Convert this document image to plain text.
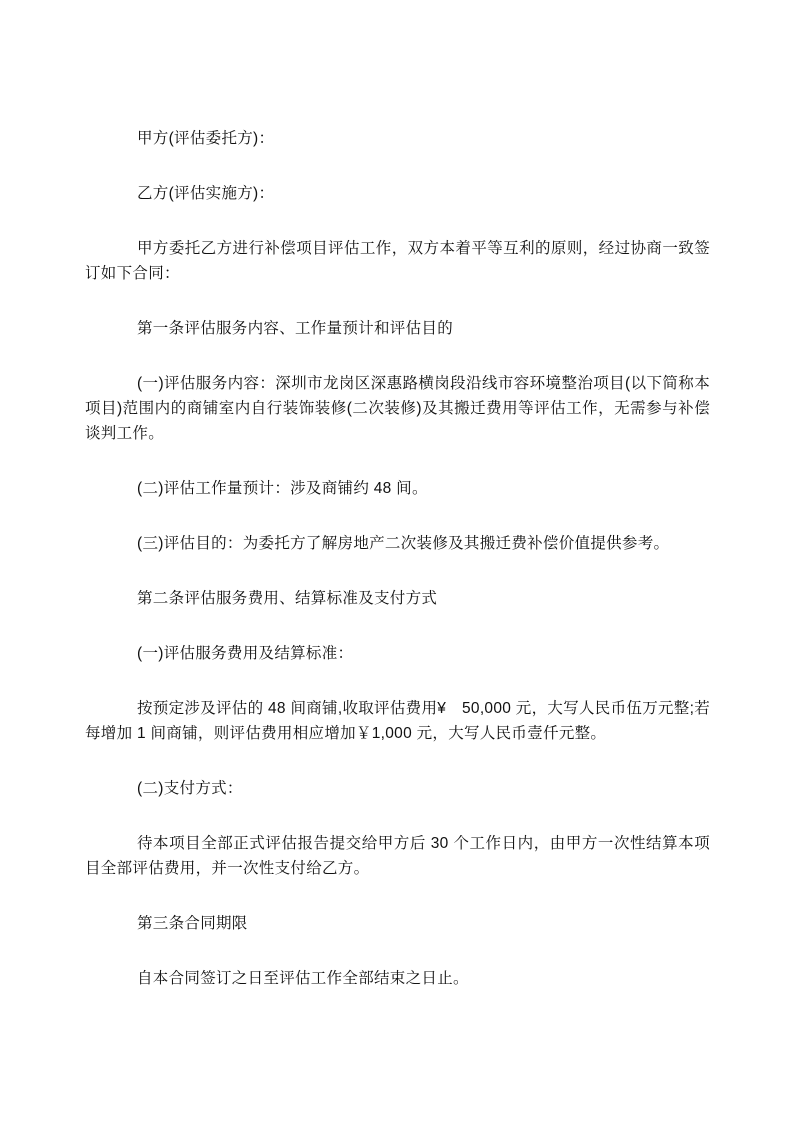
甲方(评估委托方)：

乙方(评估实施方)：

甲方委托乙方进行补偿项目评估工作，双方本着平等互利的原则，经过协商一致签订如下合同：

第一条评估服务内容、工作量预计和评估目的

(一)评估服务内容：深圳市龙岗区深惠路横岗段沿线市容环境整治项目(以下简称本项目)范围内的商铺室内自行装饰装修(二次装修)及其搬迁费用等评估工作，无需参与补偿谈判工作。

(二)评估工作量预计：涉及商铺约 48 间。

(三)评估目的：为委托方了解房地产二次装修及其搬迁费补偿价值提供参考。

第二条评估服务费用、结算标准及支付方式

(一)评估服务费用及结算标准：

按预定涉及评估的 48 间商铺,收取评估费用¥　50,000 元，大写人民币伍万元整;若每增加 1 间商铺，则评估费用相应增加￥1,000 元，大写人民币壹仟元整。

(二)支付方式：

待本项目全部正式评估报告提交给甲方后 30 个工作日内，由甲方一次性结算本项目全部评估费用，并一次性支付给乙方。

第三条合同期限

自本合同签订之日至评估工作全部结束之日止。
